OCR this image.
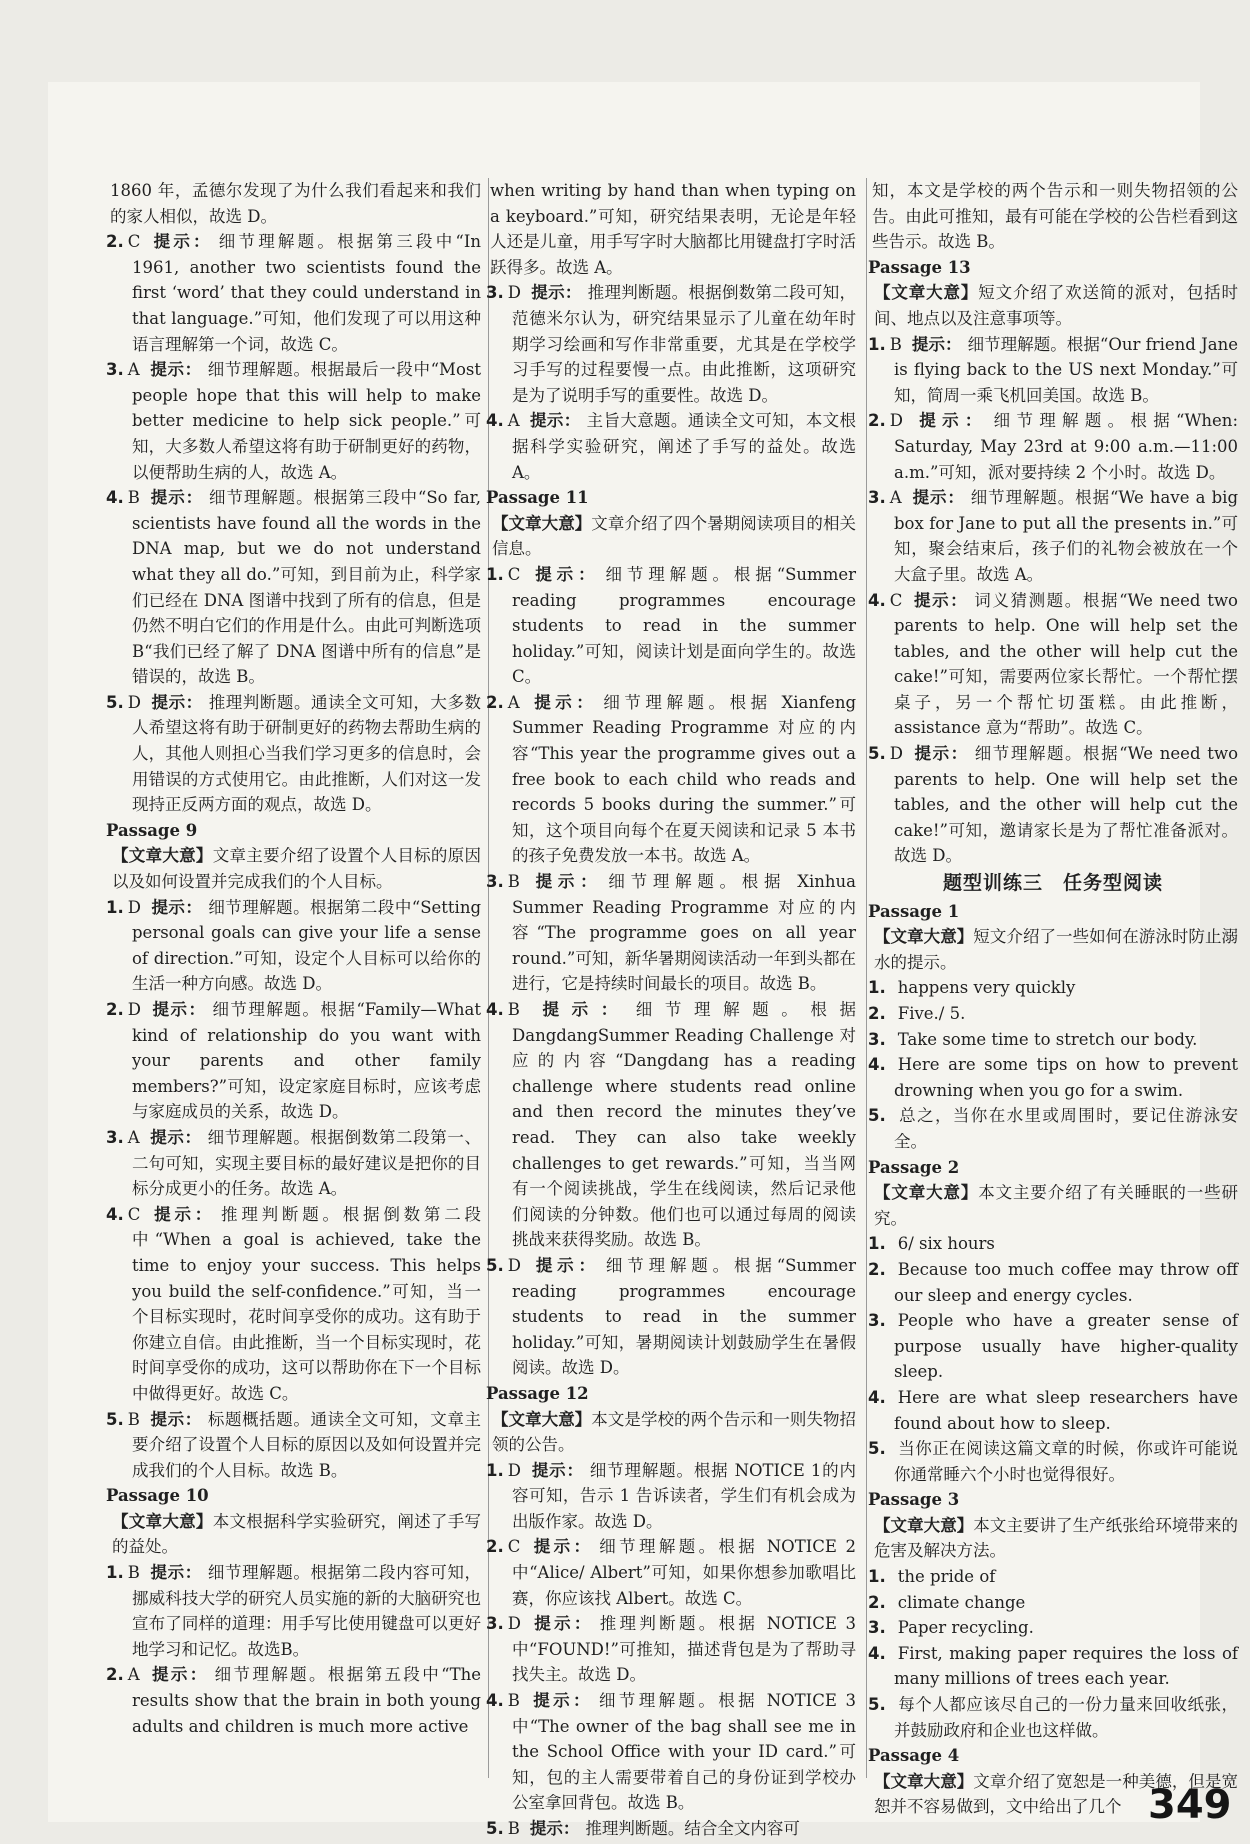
1860 年，孟德尔发现了为什么我们看起来和我们的家人相似，故选 D。

2. C 提示： 细节理解题。根据第三段中“In 1961, another two scientists found the first ‘word’ that they could understand in that language.”可知，他们发现了可以用这种语言理解第一个词，故选 C。

3. A 提示： 细节理解题。根据最后一段中“Most people hope that this will help to make better medicine to help sick people.”可知，大多数人希望这将有助于研制更好的药物，以便帮助生病的人，故选 A。

4. B 提示： 细节理解题。根据第三段中“So far, scientists have found all the words in the DNA map, but we do not understand what they all do.”可知，到目前为止，科学家们已经在 DNA 图谱中找到了所有的信息，但是仍然不明白它们的作用是什么。由此可判断选项 B“我们已经了解了 DNA 图谱中所有的信息”是错误的，故选 B。

5. D 提示： 推理判断题。通读全文可知，大多数人希望这将有助于研制更好的药物去帮助生病的人，其他人则担心当我们学习更多的信息时，会用错误的方式使用它。由此推断，人们对这一发现持正反两方面的观点，故选 D。

Passage 9

【文章大意】文章主要介绍了设置个人目标的原因以及如何设置并完成我们的个人目标。

1. D 提示： 细节理解题。根据第二段中“Setting personal goals can give your life a sense of direction.”可知，设定个人目标可以给你的生活一种方向感。故选 D。

2. D 提示： 细节理解题。根据“Family—What kind of relationship do you want with your parents and other family members?”可知，设定家庭目标时，应该考虑与家庭成员的关系，故选 D。

3. A 提示： 细节理解题。根据倒数第二段第一、二句可知，实现主要目标的最好建议是把你的目标分成更小的任务。故选 A。

4. C 提示： 推理判断题。根据倒数第二段中“When a goal is achieved, take the time to enjoy your success. This helps you build the self-confidence.”可知，当一个目标实现时，花时间享受你的成功。这有助于你建立自信。由此推断，当一个目标实现时，花时间享受你的成功，这可以帮助你在下一个目标中做得更好。故选 C。

5. B 提示： 标题概括题。通读全文可知，文章主要介绍了设置个人目标的原因以及如何设置并完成我们的个人目标。故选 B。

Passage 10

【文章大意】本文根据科学实验研究，阐述了手写的益处。

1. B 提示： 细节理解题。根据第二段内容可知，挪威科技大学的研究人员实施的新的大脑研究也宣布了同样的道理：用手写比使用键盘可以更好地学习和记忆。故选B。

2. A 提示： 细节理解题。根据第五段中“The results show that the brain in both young adults and children is much more active

when writing by hand than when typing on a keyboard.”可知，研究结果表明，无论是年轻人还是儿童，用手写字时大脑都比用键盘打字时活跃得多。故选 A。

3. D 提示： 推理判断题。根据倒数第二段可知，范德米尔认为，研究结果显示了儿童在幼年时期学习绘画和写作非常重要，尤其是在学校学习手写的过程要慢一点。由此推断，这项研究是为了说明手写的重要性。故选 D。

4. A 提示： 主旨大意题。通读全文可知，本文根据科学实验研究，阐述了手写的益处。故选 A。

Passage 11

【文章大意】文章介绍了四个暑期阅读项目的相关信息。

1. C 提示： 细节理解题。根据“Summer reading programmes encourage students to read in the summer holiday.”可知，阅读计划是面向学生的。故选 C。

2. A 提示： 细节理解题。根据 Xianfeng Summer Reading Programme 对应的内容“This year the programme gives out a free book to each child who reads and records 5 books during the summer.”可知，这个项目向每个在夏天阅读和记录 5 本书的孩子免费发放一本书。故选 A。

3. B 提示： 细节理解题。根据 Xinhua Summer Reading Programme 对应的内容“The programme goes on all year round.”可知，新华暑期阅读活动一年到头都在进行，它是持续时间最长的项目。故选 B。

4. B 提示： 细节理解题。根据 DangdangSummer Reading Challenge 对应的内容“Dangdang has a reading challenge where students read online and then record the minutes they’ve read. They can also take weekly challenges to get rewards.”可知，当当网有一个阅读挑战，学生在线阅读，然后记录他们阅读的分钟数。他们也可以通过每周的阅读挑战来获得奖励。故选 B。

5. D 提示： 细节理解题。根据“Summer reading programmes encourage students to read in the summer holiday.”可知，暑期阅读计划鼓励学生在暑假阅读。故选 D。

Passage 12

【文章大意】本文是学校的两个告示和一则失物招领的公告。

1. D 提示： 细节理解题。根据 NOTICE 1的内容可知，告示 1 告诉读者，学生们有机会成为出版作家。故选 D。

2. C 提示： 细节理解题。根据 NOTICE 2中“Alice/ Albert”可知，如果你想参加歌唱比赛，你应该找 Albert。故选 C。

3. D 提示： 推理判断题。根据 NOTICE 3中“FOUND!”可推知，描述背包是为了帮助寻找失主。故选 D。

4. B 提示： 细节理解题。根据 NOTICE 3中“The owner of the bag shall see me in the School Office with your ID card.”可知，包的主人需要带着自己的身份证到学校办公室拿回背包。故选 B。

5. B 提示： 推理判断题。结合全文内容可

知，本文是学校的两个告示和一则失物招领的公告。由此可推知，最有可能在学校的公告栏看到这些告示。故选 B。

Passage 13

【文章大意】短文介绍了欢送简的派对，包括时间、地点以及注意事项等。

1. B 提示： 细节理解题。根据“Our friend Jane is flying back to the US next Monday.”可知，简周一乘飞机回美国。故选 B。

2. D 提示： 细节理解题。根据“When: Saturday, May 23rd at 9:00 a.m.—11:00 a.m.”可知，派对要持续 2 个小时。故选 D。

3. A 提示： 细节理解题。根据“We have a big box for Jane to put all the presents in.”可知，聚会结束后，孩子们的礼物会被放在一个大盒子里。故选 A。

4. C 提示： 词义猜测题。根据“We need two parents to help. One will help set the tables, and the other will help cut the cake!”可知，需要两位家长帮忙。一个帮忙摆桌子，另一个帮忙切蛋糕。由此推断，assistance 意为“帮助”。故选 C。

5. D 提示： 细节理解题。根据“We need two parents to help. One will help set the tables, and the other will help cut the cake!”可知，邀请家长是为了帮忙准备派对。故选 D。

题型训练三　任务型阅读

Passage 1

【文章大意】短文介绍了一些如何在游泳时防止溺水的提示。

1. happens very quickly

2. Five./ 5.

3. Take some time to stretch our body.

4. Here are some tips on how to prevent drowning when you go for a swim.

5. 总之，当你在水里或周围时，要记住游泳安全。

Passage 2

【文章大意】本文主要介绍了有关睡眠的一些研究。

1. 6/ six hours

2. Because too much coffee may throw off our sleep and energy cycles.

3. People who have a greater sense of purpose usually have higher-quality sleep.

4. Here are what sleep researchers have found about how to sleep.

5. 当你正在阅读这篇文章的时候，你或许可能说你通常睡六个小时也觉得很好。

Passage 3

【文章大意】本文主要讲了生产纸张给环境带来的危害及解决方法。

1. the pride of

2. climate change

3. Paper recycling.

4. First, making paper requires the loss of many millions of trees each year.

5. 每个人都应该尽自己的一份力量来回收纸张，并鼓励政府和企业也这样做。

Passage 4

【文章大意】文章介绍了宽恕是一种美德，但是宽恕并不容易做到，文中给出了几个 349
